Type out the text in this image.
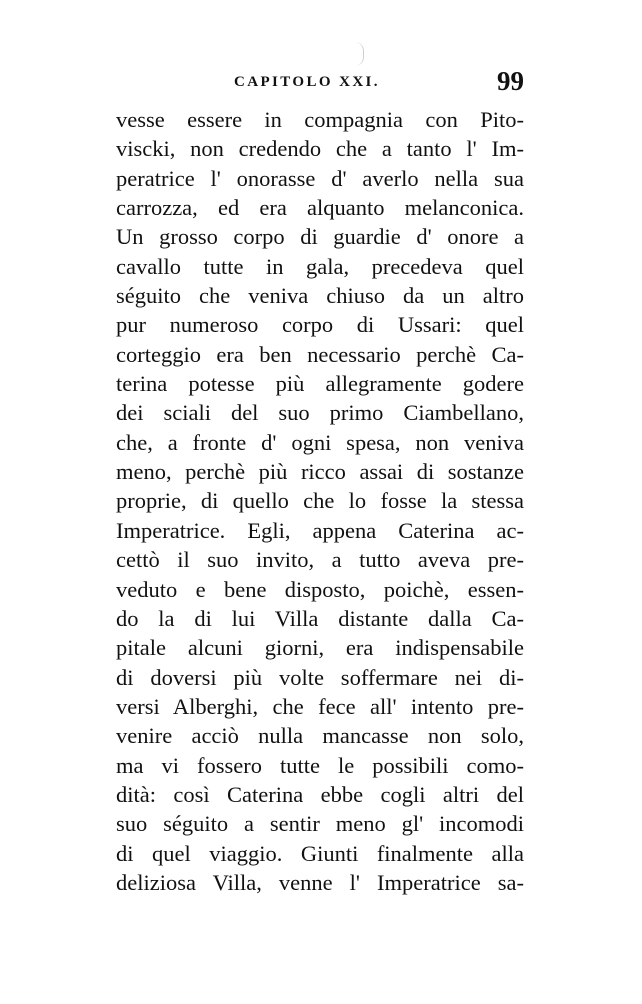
CAPITOLO XXI.	99
vesse essere in compagnia con Pito-
viscki, non credendo che a tanto l' Im-
peratrice l' onorasse d' averlo nella sua
carrozza, ed era alquanto melanconica.
Un grosso corpo di guardie d' onore a
cavallo tutte in gala, precedeva quel
séguito che veniva chiuso da un altro
pur numeroso corpo di Ussari: quel
corteggio era ben necessario perchè Ca-
terina potesse più allegramente godere
dei sciali del suo primo Ciambellano,
che, a fronte d' ogni spesa, non veniva
meno, perchè più ricco assai di sostanze
proprie, di quello che lo fosse la stessa
Imperatrice. Egli, appena Caterina ac-
cettò il suo invito, a tutto aveva pre-
veduto e bene disposto, poichè, essen-
do la di lui Villa distante dalla Ca-
pitale alcuni giorni, era indispensabile
di doversi più volte soffermare nei di-
versi Alberghi, che fece all' intento pre-
venire acciò nulla mancasse non solo,
ma vi fossero tutte le possibili como-
dità: così Caterina ebbe cogli altri del
suo séguito a sentir meno gl' incomodi
di quel viaggio. Giunti finalmente alla
deliziosa Villa, venne l' Imperatrice sa-
